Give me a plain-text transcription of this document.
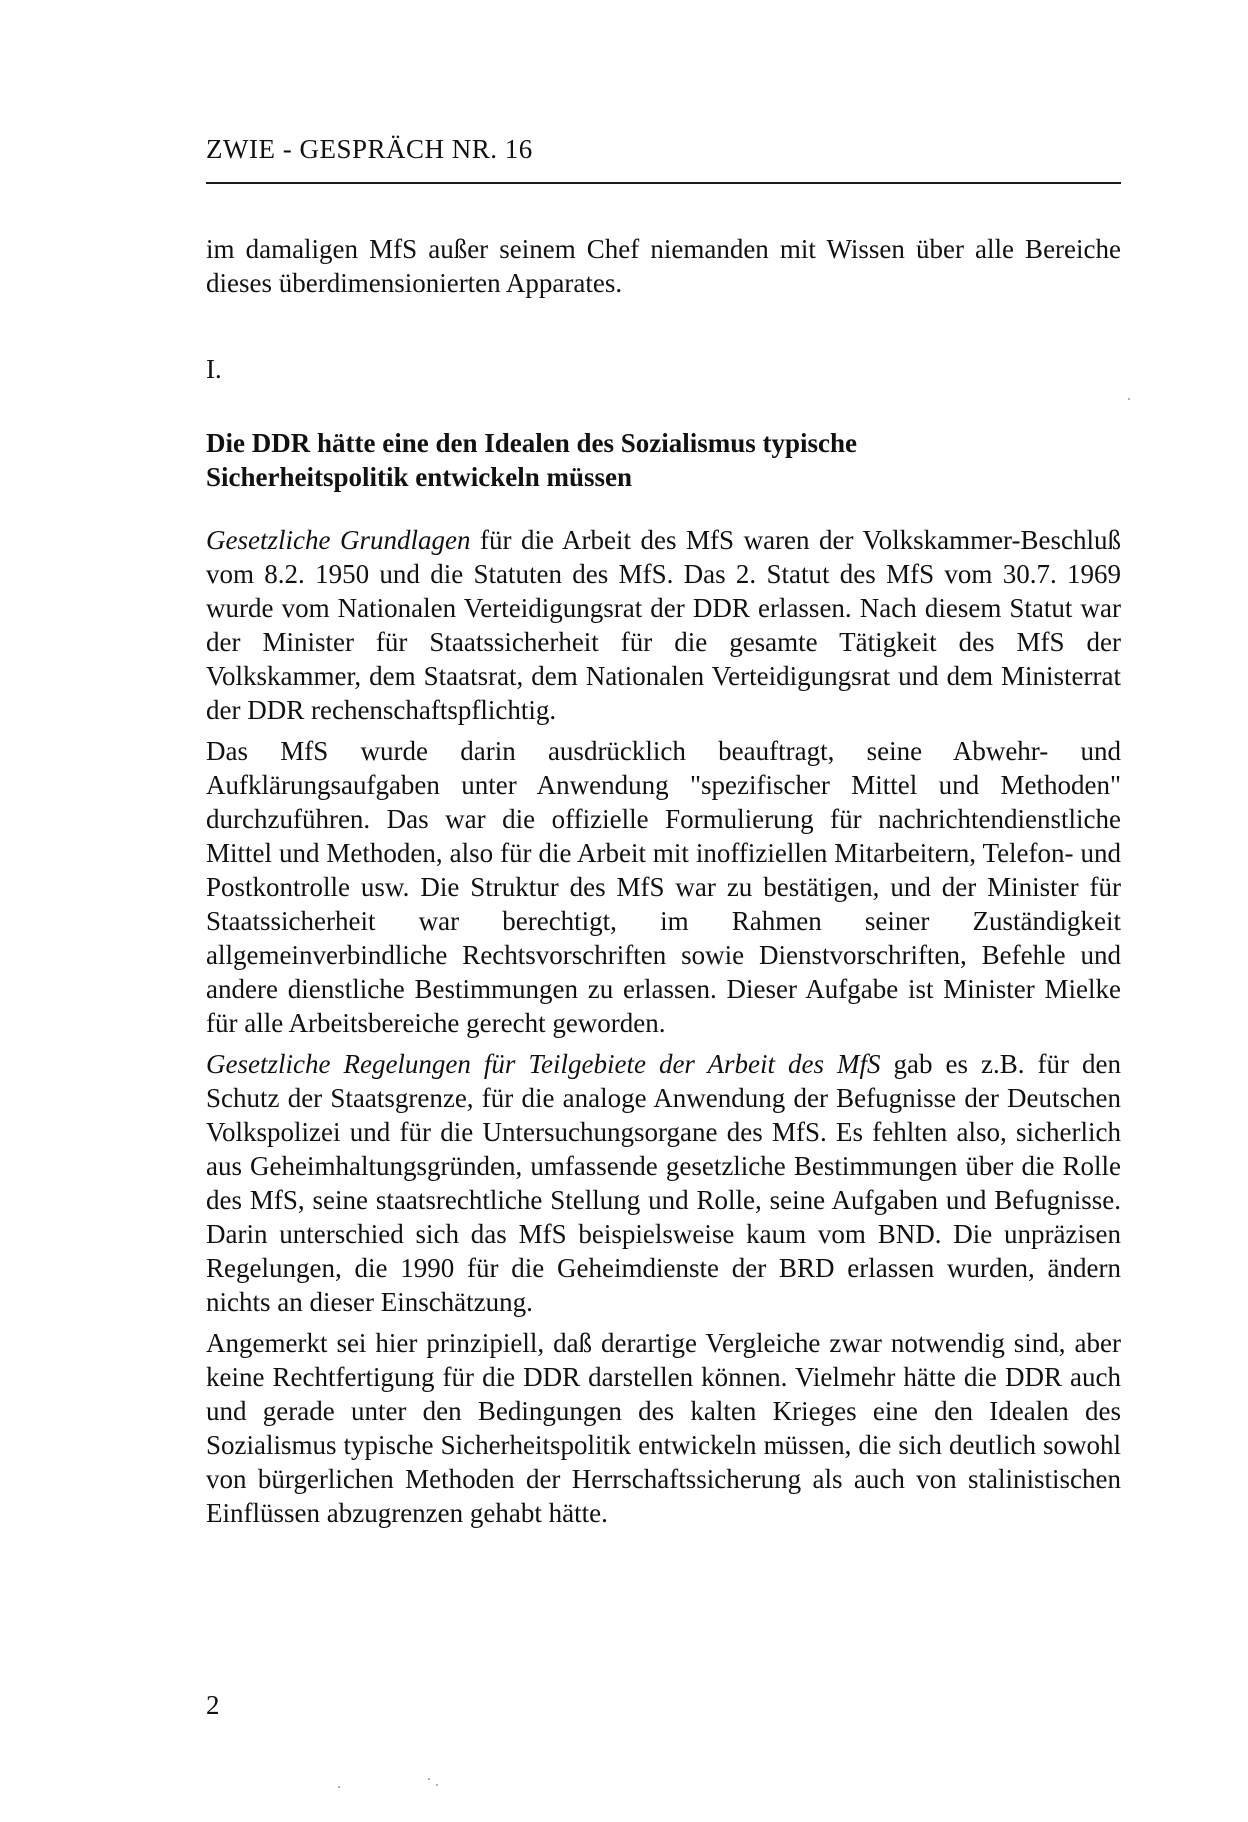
ZWIE - GESPRÄCH NR. 16

im damaligen MfS außer seinem Chef niemanden mit Wissen über alle Bereiche dieses überdimensionierten Apparates.

I.
Die DDR hätte eine den Idealen des Sozialismus typische
Sicherheitspolitik entwickeln müssen

Gesetzliche Grundlagen für die Arbeit des MfS waren der Volkskammer-Beschluß vom 8.2. 1950 und die Statuten des MfS. Das 2. Statut des MfS vom 30.7. 1969 wurde vom Nationalen Verteidigungsrat der DDR erlassen. Nach diesem Statut war der Minister für Staatssicherheit für die gesamte Tätigkeit des MfS der Volkskammer, dem Staatsrat, dem Nationalen Verteidigungsrat und dem Ministerrat der DDR rechenschaftspflichtig.

Das MfS wurde darin ausdrücklich beauftragt, seine Abwehr- und Aufklärungsaufgaben unter Anwendung "spezifischer Mittel und Methoden" durchzuführen. Das war die offizielle Formulierung für nachrichtendienstliche Mittel und Methoden, also für die Arbeit mit inoffiziellen Mitarbeitern, Telefon- und Postkontrolle usw. Die Struktur des MfS war zu bestätigen, und der Minister für Staatssicherheit war berechtigt, im Rahmen seiner Zuständigkeit allgemeinverbindliche Rechtsvorschriften sowie Dienstvorschriften, Befehle und andere dienstliche Bestimmungen zu erlassen. Dieser Aufgabe ist Minister Mielke für alle Arbeitsbereiche gerecht geworden.

Gesetzliche Regelungen für Teilgebiete der Arbeit des MfS gab es z.B. für den Schutz der Staatsgrenze, für die analoge Anwendung der Befugnisse der Deutschen Volkspolizei und für die Untersuchungsorgane des MfS. Es fehlten also, sicherlich aus Geheimhaltungsgründen, umfassende gesetzliche Bestimmungen über die Rolle des MfS, seine staatsrechtliche Stellung und Rolle, seine Aufgaben und Befugnisse. Darin unterschied sich das MfS beispielsweise kaum vom BND. Die unpräzisen Regelungen, die 1990 für die Geheimdienste der BRD erlassen wurden, ändern nichts an dieser Einschätzung.

Angemerkt sei hier prinzipiell, daß derartige Vergleiche zwar notwendig sind, aber keine Rechtfertigung für die DDR darstellen können. Vielmehr hätte die DDR auch und gerade unter den Bedingungen des kalten Krieges eine den Idealen des Sozialismus typische Sicherheitspolitik entwickeln müssen, die sich deutlich sowohl von bürgerlichen Methoden der Herrschaftssicherung als auch von stalinistischen Einflüssen abzugrenzen gehabt hätte.

2
